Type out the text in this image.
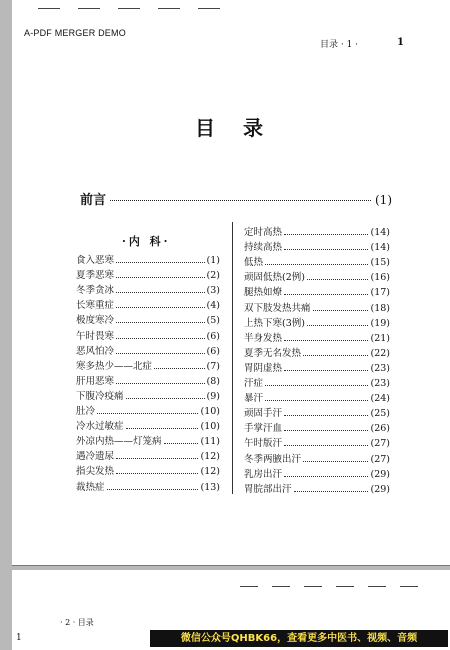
A-PDF MERGER DEMO
目录 · 1 ·	1
目录
前言	(1)
·内 科·
食入恶寒	(1)
夏季恶寒	(2)
冬季贪冰	(3)
长寒重症	(4)
极度寒冷	(5)
午时畏寒	(6)
恶风怕冷	(6)
寒多热少——北症	(7)
肝用恶寒	(8)
下腹冷疫痛	(9)
肚冷	(10)
冷水过敏症	(10)
外凉内热——灯笼病	(11)
遇冷遗尿	(12)
指尖发热	(12)
裁热症	(13)
定时高热	(14)
持续高热	(14)
低热	(15)
顽固低热(2例)	(16)
腿热如燎	(17)
双下肢发热共痛	(18)
上热下寒(3例)	(19)
半身发热	(21)
夏季无名发热	(22)
胃阴虚热	(23)
汗症	(23)
暴汗	(24)
顽固手汗	(25)
手掌汗血	(26)
午时版汗	(27)
冬季两腋出汗	(27)
乳房出汗	(29)
胃脘部出汗	(29)
1
· 2 · 目录
微信公众号QHBK66，查看更多中医书、视频、音频
